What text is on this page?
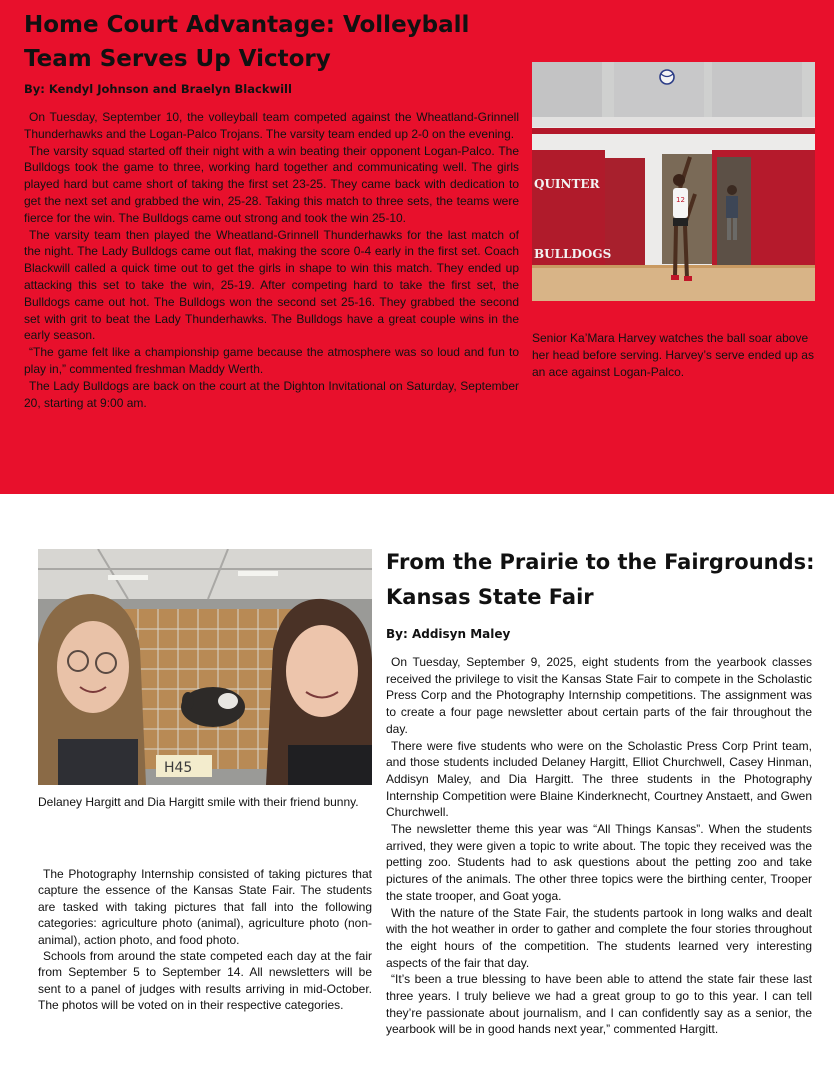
Home Court Advantage: Volleyball Team Serves Up Victory
By: Kendyl Johnson and Braelyn Blackwill

On Tuesday, September 10, the volleyball team competed against the Wheatland-Grinnell Thunderhawks and the Logan-Palco Trojans. The varsity team ended up 2-0 on the evening.

The varsity squad started off their night with a win beating their opponent Logan-Palco. The Bulldogs took the game to three, working hard together and communicating well. The girls played hard but came short of taking the first set 23-25. They came back with dedication to get the next set and grabbed the win, 25-28. Taking this match to three sets, the teams were fierce for the win. The Bulldogs came out strong and took the win 25-10.

The varsity team then played the Wheatland-Grinnell Thunderhawks for the last match of the night. The Lady Bulldogs came out flat, making the score 0-4 early in the first set. Coach Blackwill called a quick time out to get the girls in shape to win this match. They ended up attacking this set to take the win, 25-19. After competing hard to take the first set, the Bulldogs came out hot. The Bulldogs won the second set 25-16. They grabbed the second set with grit to beat the Lady Thunderhawks. The Bulldogs have a great couple wins in the early season.

“The game felt like a championship game because the atmosphere was so loud and fun to play in,” commented freshman Maddy Werth.

The Lady Bulldogs are back on the court at the Dighton Invitational on Saturday, September 20, starting at 9:00 am.

QUINTER
BULLDOGS
12
Senior Ka’Mara Harvey watches the ball soar above her head before serving. Harvey’s serve ended up as an ace against Logan-Palco.
H45
Delaney Hargitt and Dia Hargitt smile with their friend bunny.

The Photography Internship consisted of taking pictures that capture the essence of the Kansas State Fair. The students are tasked with taking pictures that fall into the following categories: agriculture photo (animal), agriculture photo (non-animal), action photo, and food photo.

Schools from around the state competed each day at the fair from September 5 to September 14. All newsletters will be sent to a panel of judges with results arriving in mid-October. The photos will be voted on in their respective categories.

From the Prairie to the Fairgrounds: Kansas State Fair
By: Addisyn Maley

On Tuesday, September 9, 2025, eight students from the yearbook classes received the privilege to visit the Kansas State Fair to compete in the Scholastic Press Corp and the Photography Internship competitions. The assignment was to create a four page newsletter about certain parts of the fair throughout the day.

There were five students who were on the Scholastic Press Corp Print team, and those students included Delaney Hargitt, Elliot Churchwell, Casey Hinman, Addisyn Maley, and Dia Hargitt. The three students in the Photography Internship Competition were Blaine Kinderknecht, Courtney Anstaett, and Gwen Churchwell.

The newsletter theme this year was “All Things Kansas”. When the students arrived, they were given a topic to write about. The topic they received was the petting zoo. Students had to ask questions about the petting zoo and take pictures of the animals. The other three topics were the birthing center, Trooper the state trooper, and Goat yoga.

With the nature of the State Fair, the students partook in long walks and dealt with the hot weather in order to gather and complete the four stories throughout the eight hours of the competition. The students learned very interesting aspects of the fair that day.

“It’s been a true blessing to have been able to attend the state fair these last three years. I truly believe we had a great group to go to this year. I can tell they’re passionate about journalism, and I can confidently say as a senior, the yearbook will be in good hands next year,” commented Hargitt.
